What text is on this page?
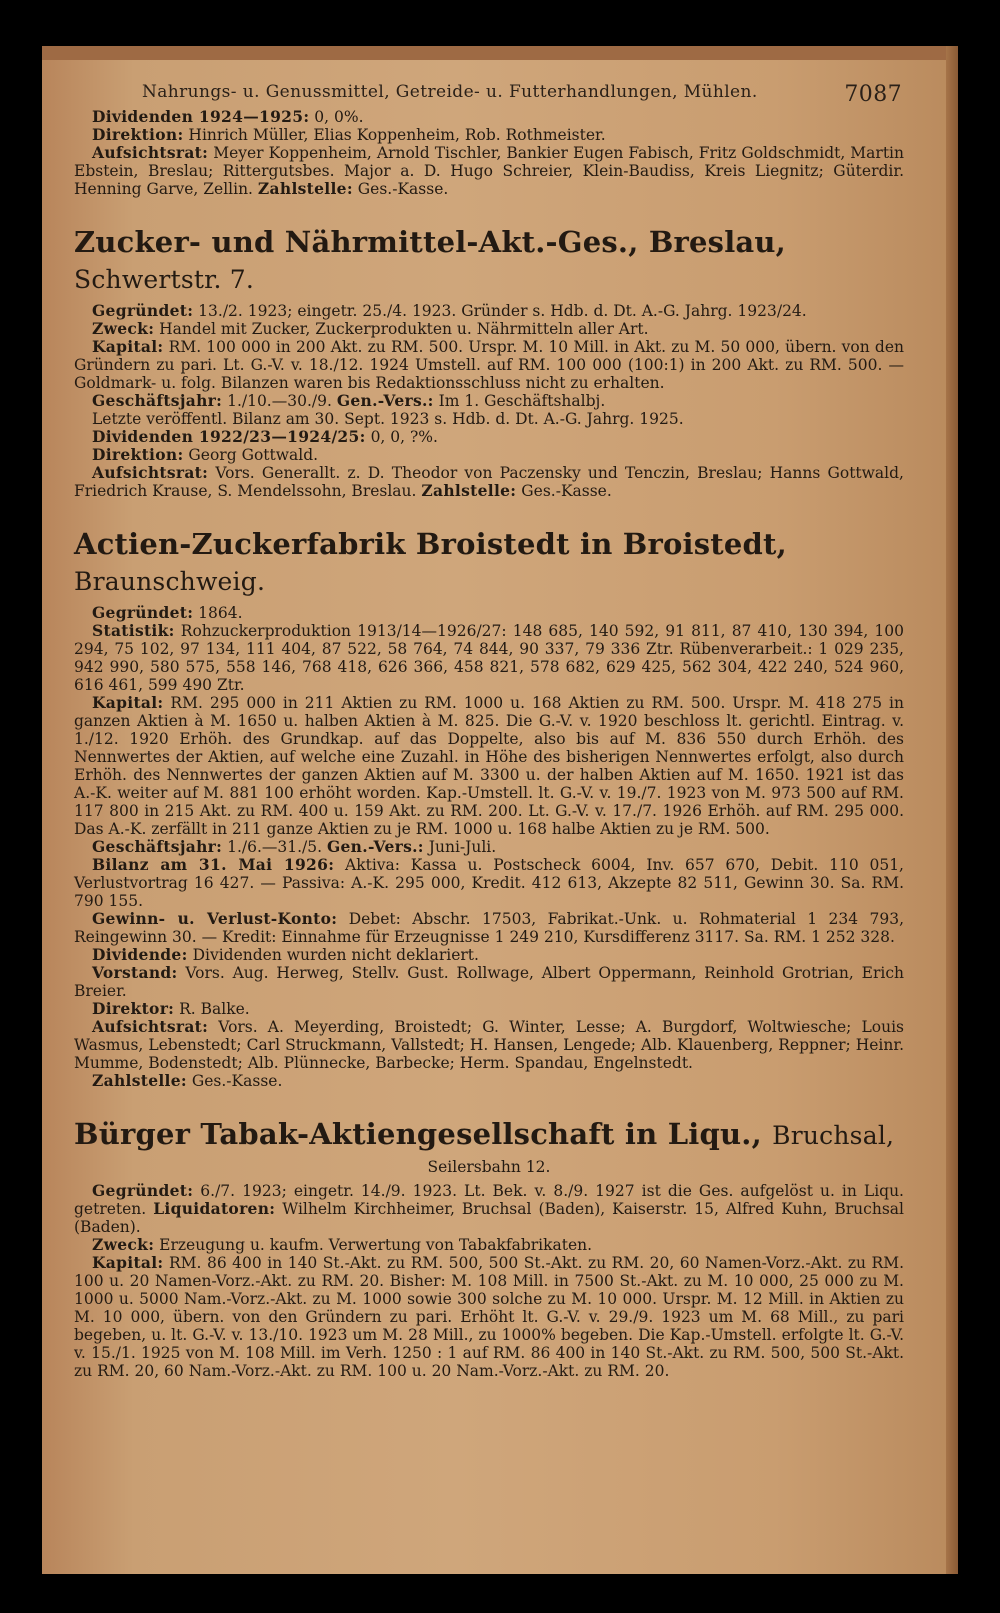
Nahrungs- u. Genussmittel, Getreide- u. Futterhandlungen, Mühlen.	7087

Dividenden 1924—1925: 0, 0%.

Direktion: Hinrich Müller, Elias Koppenheim, Rob. Rothmeister.

Aufsichtsrat: Meyer Koppenheim, Arnold Tischler, Bankier Eugen Fabisch, Fritz Goldschmidt, Martin Ebstein, Breslau; Rittergutsbes. Major a. D. Hugo Schreier, Klein-Baudiss, Kreis Liegnitz; Güterdir. Henning Garve, Zellin. Zahlstelle: Ges.-Kasse.

Zucker- und Nährmittel-Akt.-Ges., Breslau, Schwertstr. 7.

Gegründet: 13./2. 1923; eingetr. 25./4. 1923. Gründer s. Hdb. d. Dt. A.-G. Jahrg. 1923/24.

Zweck: Handel mit Zucker, Zuckerprodukten u. Nährmitteln aller Art.

Kapital: RM. 100 000 in 200 Akt. zu RM. 500. Urspr. M. 10 Mill. in Akt. zu M. 50 000, übern. von den Gründern zu pari. Lt. G.-V. v. 18./12. 1924 Umstell. auf RM. 100 000 (100:1) in 200 Akt. zu RM. 500. — Goldmark- u. folg. Bilanzen waren bis Redaktionsschluss nicht zu erhalten.

Geschäftsjahr: 1./10.—30./9. Gen.-Vers.: Im 1. Geschäftshalbj.

Letzte veröffentl. Bilanz am 30. Sept. 1923 s. Hdb. d. Dt. A.-G. Jahrg. 1925.

Dividenden 1922/23—1924/25: 0, 0, ?%.

Direktion: Georg Gottwald.

Aufsichtsrat: Vors. Generallt. z. D. Theodor von Paczensky und Tenczin, Breslau; Hanns Gottwald, Friedrich Krause, S. Mendelssohn, Breslau. Zahlstelle: Ges.-Kasse.

Actien-Zuckerfabrik Broistedt in Broistedt, Braunschweig.

Gegründet: 1864.

Statistik: Rohzuckerproduktion 1913/14—1926/27: 148 685, 140 592, 91 811, 87 410, 130 394, 100 294, 75 102, 97 134, 111 404, 87 522, 58 764, 74 844, 90 337, 79 336 Ztr. Rübenverarbeit.: 1 029 235, 942 990, 580 575, 558 146, 768 418, 626 366, 458 821, 578 682, 629 425, 562 304, 422 240, 524 960, 616 461, 599 490 Ztr.

Kapital: RM. 295 000 in 211 Aktien zu RM. 1000 u. 168 Aktien zu RM. 500. Urspr. M. 418 275 in ganzen Aktien à M. 1650 u. halben Aktien à M. 825. Die G.-V. v. 1920 beschloss lt. gerichtl. Eintrag. v. 1./12. 1920 Erhöh. des Grundkap. auf das Doppelte, also bis auf M. 836 550 durch Erhöh. des Nennwertes der Aktien, auf welche eine Zuzahl. in Höhe des bisherigen Nennwertes erfolgt, also durch Erhöh. des Nennwertes der ganzen Aktien auf M. 3300 u. der halben Aktien auf M. 1650. 1921 ist das A.-K. weiter auf M. 881 100 erhöht worden. Kap.-Umstell. lt. G.-V. v. 19./7. 1923 von M. 973 500 auf RM. 117 800 in 215 Akt. zu RM. 400 u. 159 Akt. zu RM. 200. Lt. G.-V. v. 17./7. 1926 Erhöh. auf RM. 295 000. Das A.-K. zerfällt in 211 ganze Aktien zu je RM. 1000 u. 168 halbe Aktien zu je RM. 500.

Geschäftsjahr: 1./6.—31./5. Gen.-Vers.: Juni-Juli.

Bilanz am 31. Mai 1926: Aktiva: Kassa u. Postscheck 6004, Inv. 657 670, Debit. 110 051, Verlustvortrag 16 427. — Passiva: A.-K. 295 000, Kredit. 412 613, Akzepte 82 511, Gewinn 30. Sa. RM. 790 155.

Gewinn- u. Verlust-Konto: Debet: Abschr. 17503, Fabrikat.-Unk. u. Rohmaterial 1 234 793, Reingewinn 30. — Kredit: Einnahme für Erzeugnisse 1 249 210, Kursdifferenz 3117. Sa. RM. 1 252 328.

Dividende: Dividenden wurden nicht deklariert.

Vorstand: Vors. Aug. Herweg, Stellv. Gust. Rollwage, Albert Oppermann, Reinhold Grotrian, Erich Breier.

Direktor: R. Balke.

Aufsichtsrat: Vors. A. Meyerding, Broistedt; G. Winter, Lesse; A. Burgdorf, Woltwiesche; Louis Wasmus, Lebenstedt; Carl Struckmann, Vallstedt; H. Hansen, Lengede; Alb. Klauenberg, Reppner; Heinr. Mumme, Bodenstedt; Alb. Plünnecke, Barbecke; Herm. Spandau, Engelnstedt.

Zahlstelle: Ges.-Kasse.

Bürger Tabak-Aktiengesellschaft in Liqu., Bruchsal,

Seilersbahn 12.

Gegründet: 6./7. 1923; eingetr. 14./9. 1923. Lt. Bek. v. 8./9. 1927 ist die Ges. aufgelöst u. in Liqu. getreten. Liquidatoren: Wilhelm Kirchheimer, Bruchsal (Baden), Kaiserstr. 15, Alfred Kuhn, Bruchsal (Baden).

Zweck: Erzeugung u. kaufm. Verwertung von Tabakfabrikaten.

Kapital: RM. 86 400 in 140 St.-Akt. zu RM. 500, 500 St.-Akt. zu RM. 20, 60 Namen-Vorz.-Akt. zu RM. 100 u. 20 Namen-Vorz.-Akt. zu RM. 20. Bisher: M. 108 Mill. in 7500 St.-Akt. zu M. 10 000, 25 000 zu M. 1000 u. 5000 Nam.-Vorz.-Akt. zu M. 1000 sowie 300 solche zu M. 10 000. Urspr. M. 12 Mill. in Aktien zu M. 10 000, übern. von den Gründern zu pari. Erhöht lt. G.-V. v. 29./9. 1923 um M. 68 Mill., zu pari begeben, u. lt. G.-V. v. 13./10. 1923 um M. 28 Mill., zu 1000% begeben. Die Kap.-Umstell. erfolgte lt. G.-V. v. 15./1. 1925 von M. 108 Mill. im Verh. 1250 : 1 auf RM. 86 400 in 140 St.-Akt. zu RM. 500, 500 St.-Akt. zu RM. 20, 60 Nam.-Vorz.-Akt. zu RM. 100 u. 20 Nam.-Vorz.-Akt. zu RM. 20.
